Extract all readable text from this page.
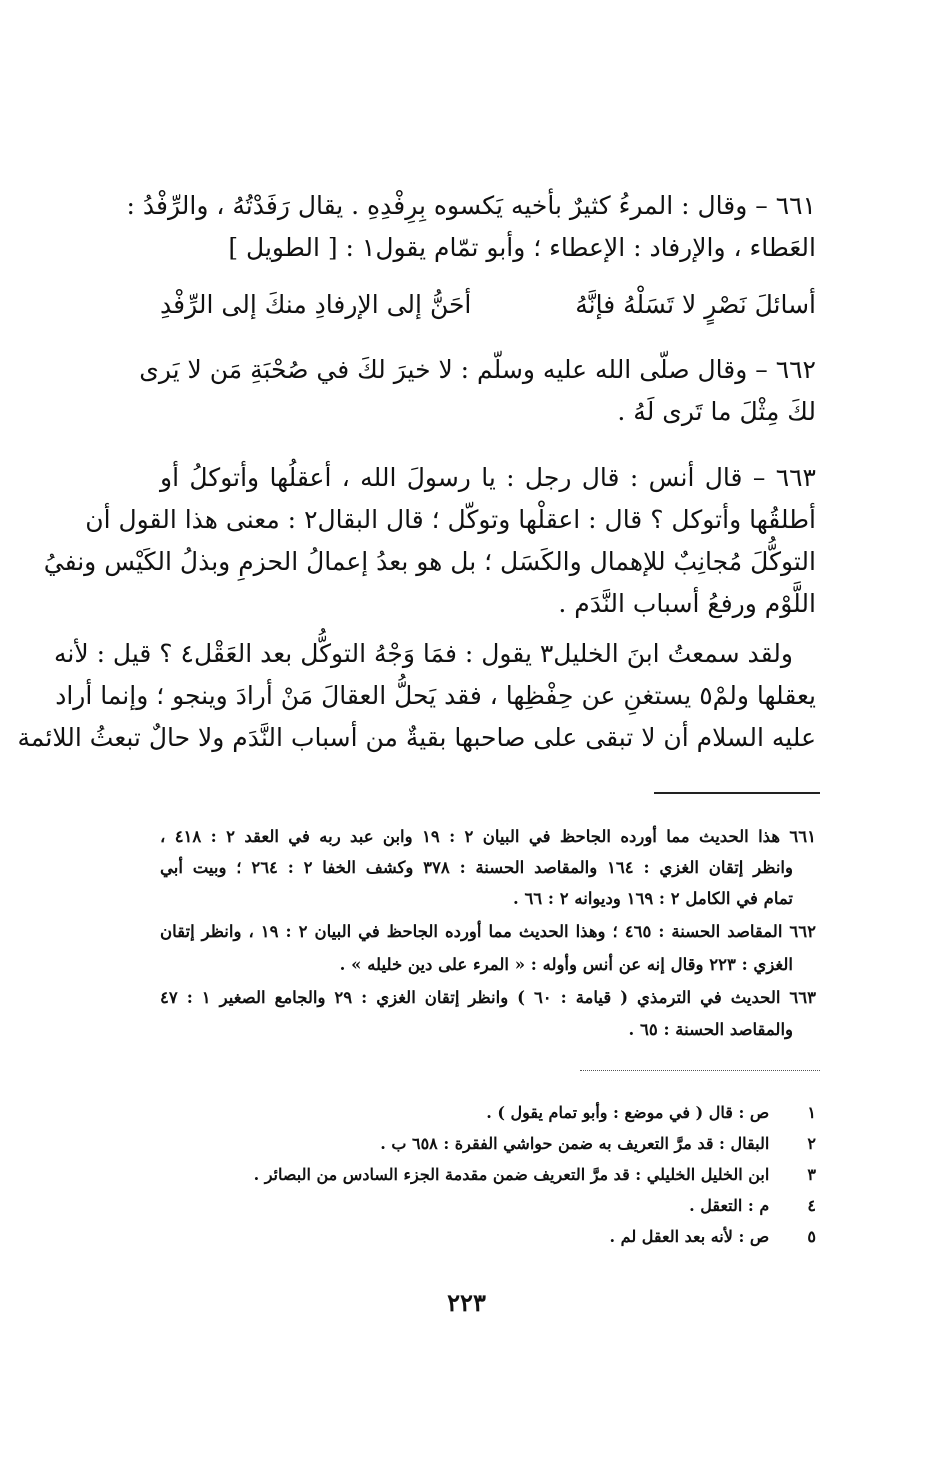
٦٦١ – وقال : المرءُ كثيرٌ بأخيه يَكسوه بِرِفْدِهِ . يقال رَفَدْتُهُ ، والرِّفْدُ :
العَطاء ، والإرفاد : الإعطاء ؛ وأبو تمّام يقول١ : [ الطويل ]
أسائلَ نَصْرٍ لا تَسَلْهُ فإنَّهُ
أحَنُّ إلى الإرفادِ منكَ إلى الرِّفْدِ
٦٦٢ – وقال صلّى الله عليه وسلّم : لا خيرَ لكَ في صُحْبَةِ مَن لا يَرى
لكَ مِثْلَ ما تَرى لَهُ .
٦٦٣ – قال أنس : قال رجل : يا رسولَ الله ، أعقلُها وأتوكلُ أو
أطلقُها وأتوكل ؟ قال : اعقلْها وتوكّل ؛ قال البقال٢ : معنى هذا القول أن
التوكُّلَ مُجانِبٌ للإهمال والكَسَل ؛ بل هو بعدُ إعمالُ الحزمِ وبذلُ الكَيْس ونفيُ
اللَّوْم ورفعُ أسباب النَّدَم .
ولقد سمعتُ ابنَ الخليل٣ يقول : فمَا وَجْهُ التوكُّل بعد العَقْل٤ ؟ قيل : لأنه
يعقلها ولمْ٥ يستغنِ عن حِفْظِها ، فقد يَحلُّ العقالَ مَنْ أرادَ وينجو ؛ وإنما أراد
عليه السلام أن لا تبقى على صاحبها بقيةٌ من أسباب النَّدَم ولا حالٌ تبعثُ اللائمة
٦٦١ هذا الحديث مما أورده الجاحظ في البيان ٢ : ١٩ وابن عبد ربه في العقد ٢ : ٤١٨ ،
وانظر إتقان الغزي : ١٦٤ والمقاصد الحسنة : ٣٧٨ وكشف الخفا ٢ : ٢٦٤ ؛ وبيت أبي
تمام في الكامل ٢ : ١٦٩ وديوانه ٢ : ٦٦ .
٦٦٢ المقاصد الحسنة : ٤٦٥ ؛ وهذا الحديث مما أورده الجاحظ في البيان ٢ : ١٩ ، وانظر إتقان
الغزي : ٢٢٣ وقال إنه عن أنس وأوله : « المرء على دين خليله » .
٦٦٣ الحديث في الترمذي ( قيامة : ٦٠ ) وانظر إتقان الغزي : ٢٩ والجامع الصغير ١ : ٤٧
والمقاصد الحسنة : ٦٥ .
١   ص : قال ( في موضع : وأبو تمام يقول ) .
٢   البقال : قد مرَّ التعريف به ضمن حواشي الفقرة : ٦٥٨ ب .
٣   ابن الخليل الخليلي : قد مرَّ التعريف ضمن مقدمة الجزء السادس من البصائر .
٤   م : التعقل .
٥   ص : لأنه بعد العقل لم .
٢٢٣
